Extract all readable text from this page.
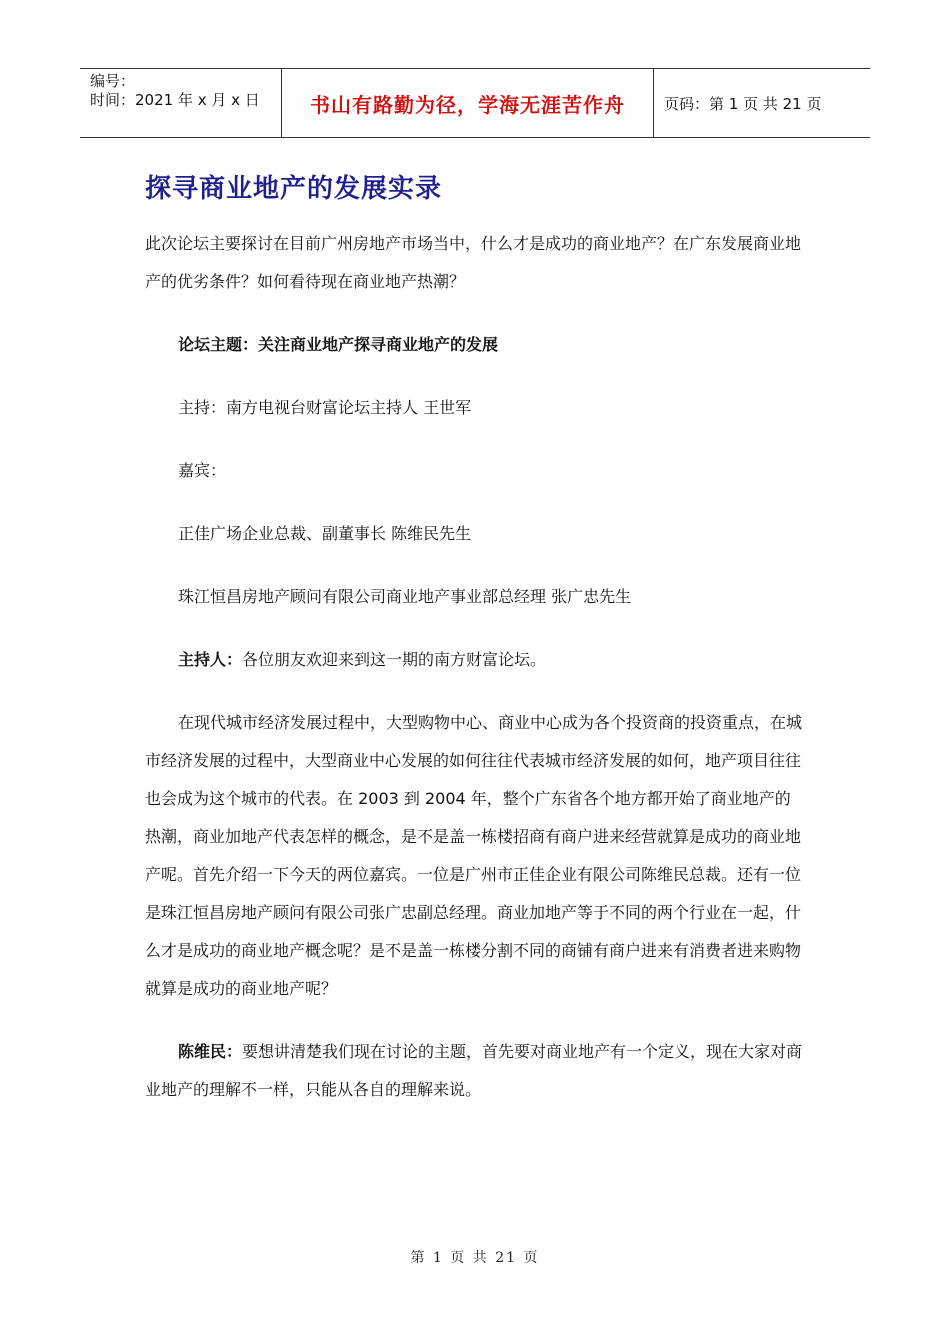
编号：
时间：2021 年 x 月 x 日	书山有路勤为径，学海无涯苦作舟	页码：第 1 页 共 21 页
探寻商业地产的发展实录

此次论坛主要探讨在目前广州房地产市场当中，什么才是成功的商业地产？在广东发展商业地产的优劣条件？如何看待现在商业地产热潮？

论坛主题：关注商业地产探寻商业地产的发展

主持：南方电视台财富论坛主持人 王世军

嘉宾：

正佳广场企业总裁、副董事长 陈维民先生

珠江恒昌房地产顾问有限公司商业地产事业部总经理 张广忠先生

主持人：各位朋友欢迎来到这一期的南方财富论坛。

在现代城市经济发展过程中，大型购物中心、商业中心成为各个投资商的投资重点，在城市经济发展的过程中，大型商业中心发展的如何往往代表城市经济发展的如何，地产项目往往也会成为这个城市的代表。在 2003 到 2004 年，整个广东省各个地方都开始了商业地产的热潮，商业加地产代表怎样的概念，是不是盖一栋楼招商有商户进来经营就算是成功的商业地产呢。首先介绍一下今天的两位嘉宾。一位是广州市正佳企业有限公司陈维民总裁。还有一位是珠江恒昌房地产顾问有限公司张广忠副总经理。商业加地产等于不同的两个行业在一起，什么才是成功的商业地产概念呢？是不是盖一栋楼分割不同的商铺有商户进来有消费者进来购物就算是成功的商业地产呢？

陈维民：要想讲清楚我们现在讨论的主题，首先要对商业地产有一个定义，现在大家对商业地产的理解不一样，只能从各自的理解来说。

第 1 页 共 21 页
